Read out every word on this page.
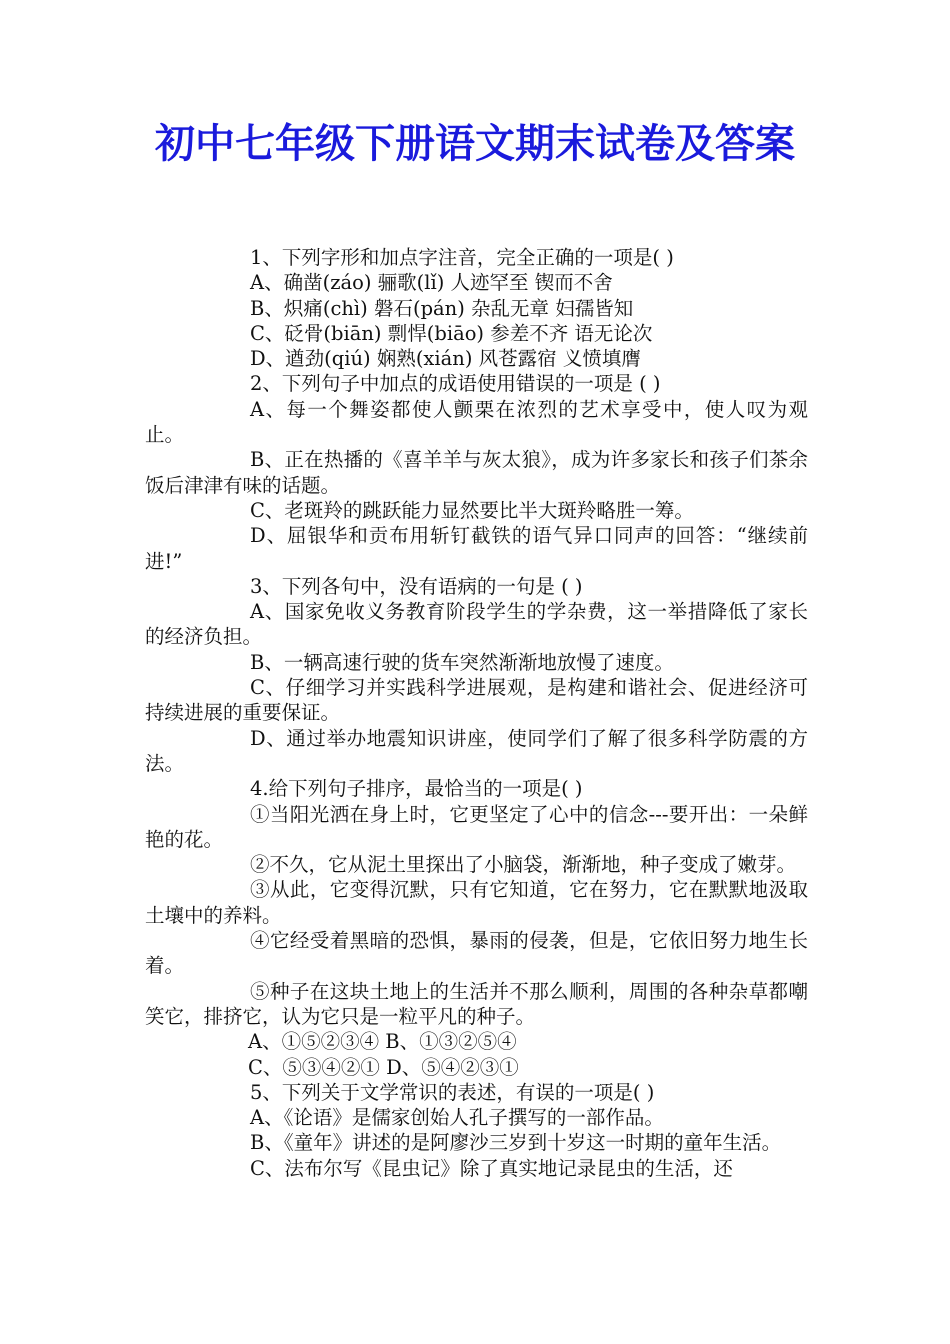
初中七年级下册语文期末试卷及答案

1、下列字形和加点字注音，完全正确的一项是( )

A、确凿(záo) 骊歌(lǐ) 人迹罕至 锲而不舍

B、炽痛(chì) 磐石(pán) 杂乱无章 妇孺皆知

C、砭骨(biān) 剽悍(biāo) 参差不齐 语无论次

D、遒劲(qiú) 娴熟(xián) 风苍露宿 义愤填膺

2、下列句子中加点的成语使用错误的一项是 ( )

A、每一个舞姿都使人颤栗在浓烈的艺术享受中，使人叹为观止。

B、正在热播的《喜羊羊与灰太狼》，成为许多家长和孩子们茶余饭后津津有味的话题。

C、老斑羚的跳跃能力显然要比半大斑羚略胜一筹。

D、屈银华和贡布用斩钉截铁的语气异口同声的回答：“继续前进!”

3、下列各句中，没有语病的一句是 ( )

A、国家免收义务教育阶段学生的学杂费，这一举措降低了家长的经济负担。

B、一辆高速行驶的货车突然渐渐地放慢了速度。

C、仔细学习并实践科学进展观，是构建和谐社会、促进经济可持续进展的重要保证。

D、通过举办地震知识讲座，使同学们了解了很多科学防震的方法。

4.给下列句子排序，最恰当的一项是( )

①当阳光洒在身上时，它更坚定了心中的信念---要开出：一朵鲜艳的花。

②不久，它从泥土里探出了小脑袋，渐渐地，种子变成了嫩芽。

③从此，它变得沉默，只有它知道，它在努力，它在默默地汲取土壤中的养料。

④它经受着黑暗的恐惧，暴雨的侵袭，但是，它依旧努力地生长着。

⑤种子在这块土地上的生活并不那么顺利，周围的各种杂草都嘲笑它，排挤它，认为它只是一粒平凡的种子。

A、①⑤②③④ B、①③②⑤④

C、⑤③④②① D、⑤④②③①

5、下列关于文学常识的表述，有误的一项是( )

A、《论语》是儒家创始人孔子撰写的一部作品。

B、《童年》讲述的是阿廖沙三岁到十岁这一时期的童年生活。

C、法布尔写《昆虫记》除了真实地记录昆虫的生活，还
